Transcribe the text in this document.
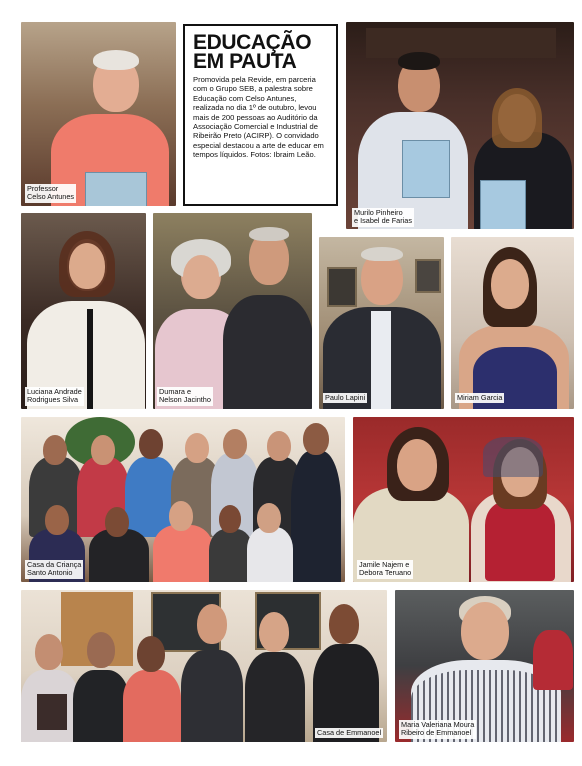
EDUCAÇÃO
EM PAUTA

Promovida pela Revide, em parceria com o Grupo SEB, a palestra sobre Educação com Celso Antunes, realizada no dia 1º de outubro, levou mais de 200 pessoas ao Auditório da Associação Comercial e Industrial de Ribeirão Preto (ACIRP). O convidado especial destacou a arte de educar em tempos líquidos. Fotos: Ibraim Leão.

Professor
Celso Antunes
Murilo Pinheiro
e Isabel de Farias
Luciana Andrade
Rodrigues Silva
Dumara e
Nelson Jacintho	Paulo Lapini	Miriam Garcia
Casa da Criança
Santo Antonio
Jamile Najem e
Debora Teruano
Casa de Emmanoel
Maria Valeriana Moura
Ribeiro de Emmanoel
